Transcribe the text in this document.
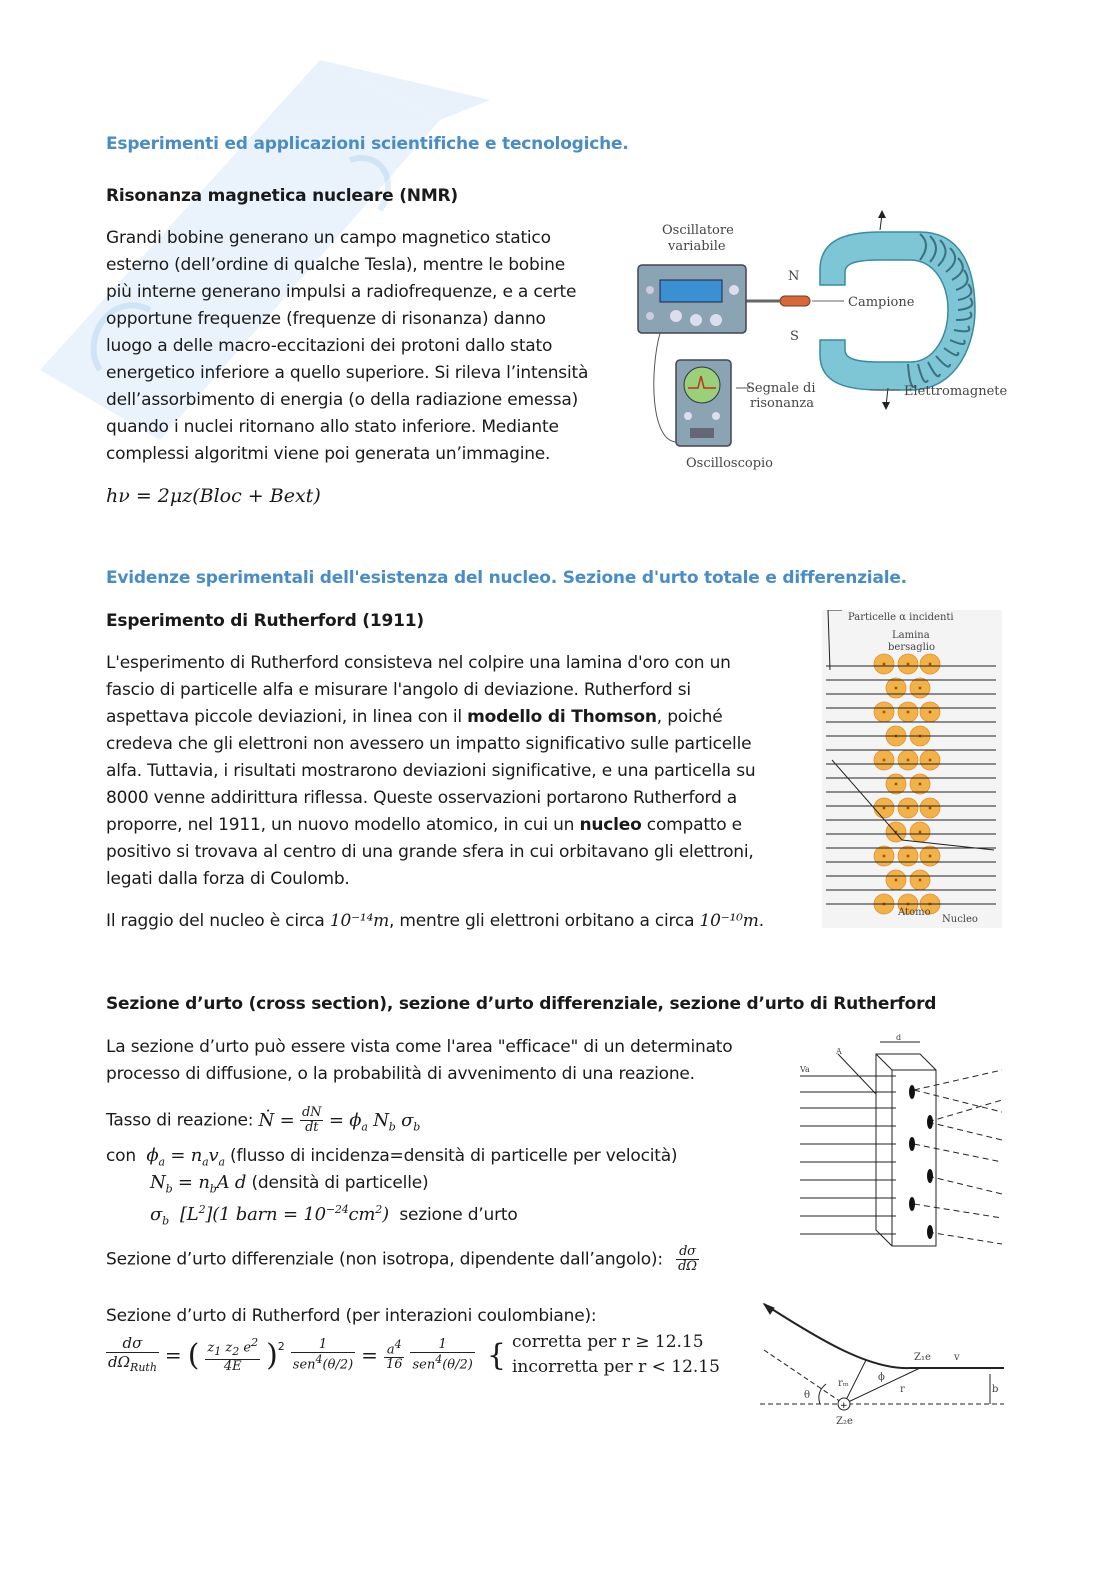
Esperimenti ed applicazioni scientifiche e tecnologiche.
Risonanza magnetica nucleare (NMR)
Grandi bobine generano un campo magnetico statico
esterno (dell’ordine di qualche Tesla), mentre le bobine
più interne generano impulsi a radiofrequenze, e a certe
opportune frequenze (frequenze di risonanza) danno
luogo a delle macro-eccitazioni dei protoni dallo stato
energetico inferiore a quello superiore. Si rileva l’intensità
dell’assorbimento di energia (o della radiazione emessa)
quando i nuclei ritornano allo stato inferiore. Mediante
complessi algoritmi viene poi generata un’immagine.
hν = 2μz(Bloc + Bext)
N
S
Oscillatore
variabile
Campione
Segnale di
risonanza
Elettromagnete
Oscilloscopio
Evidenze sperimentali dell'esistenza del nucleo. Sezione d'urto totale e differenziale.
Esperimento di Rutherford (1911)
L'esperimento di Rutherford consisteva nel colpire una lamina d'oro con un
fascio di particelle alfa e misurare l'angolo di deviazione. Rutherford si
aspettava piccole deviazioni, in linea con il modello di Thomson, poiché
credeva che gli elettroni non avessero un impatto significativo sulle particelle
alfa. Tuttavia, i risultati mostrarono deviazioni significative, e una particella su
8000 venne addirittura riflessa. Queste osservazioni portarono Rutherford a
proporre, nel 1911, un nuovo modello atomico, in cui un nucleo compatto e
positivo si trovava al centro di una grande sfera in cui orbitavano gli elettroni,
legati dalla forza di Coulomb.
Il raggio del nucleo è circa 10⁻¹⁴m, mentre gli elettroni orbitano a circa 10⁻¹⁰m.
Particelle α incidenti
Lamina
bersaglio
Atomo
Nucleo
Sezione d’urto (cross section), sezione d’urto differenziale, sezione d’urto di Rutherford
La sezione d’urto può essere vista come l'area "efficace" di un determinato
processo di diffusione, o la probabilità di avvenimento di una reazione.
Tasso di reazione: Ṅ = $\frac{dN}{dt} = \phi_a$ $N_b$ $\sigma_b$
con $\phi_a = n_av_a$ (flusso di incidenza=densità di particelle per velocità)
$N_b = n_bA$ d (densità di particelle)
$\sigma_b$  $[L^2](1$ barn = $10^{-24}cm^2$) sezione d’urto
Sezione d’urto differenziale (non isotropa, dipendente dall’angolo): $\frac{d\sigma}{d\Omega}$
Sezione d’urto di Rutherford (per interazioni coulombiane):
$\frac{d\sigma}{d\Omega_{Ruth}}$ = ( $\frac{z_1 z_2 e^2}{4E} )^2 \frac{1}{sen^4(\theta/2)} = \frac{a^4}{16} \frac{1}{sen^4(\theta/2)}$ { corretta per r ≥ 12.15
incorretta per r < 12.15
A
d
Va
+
Z₁e v
b
Z₂e
θ
ϕ
r
rₘ
